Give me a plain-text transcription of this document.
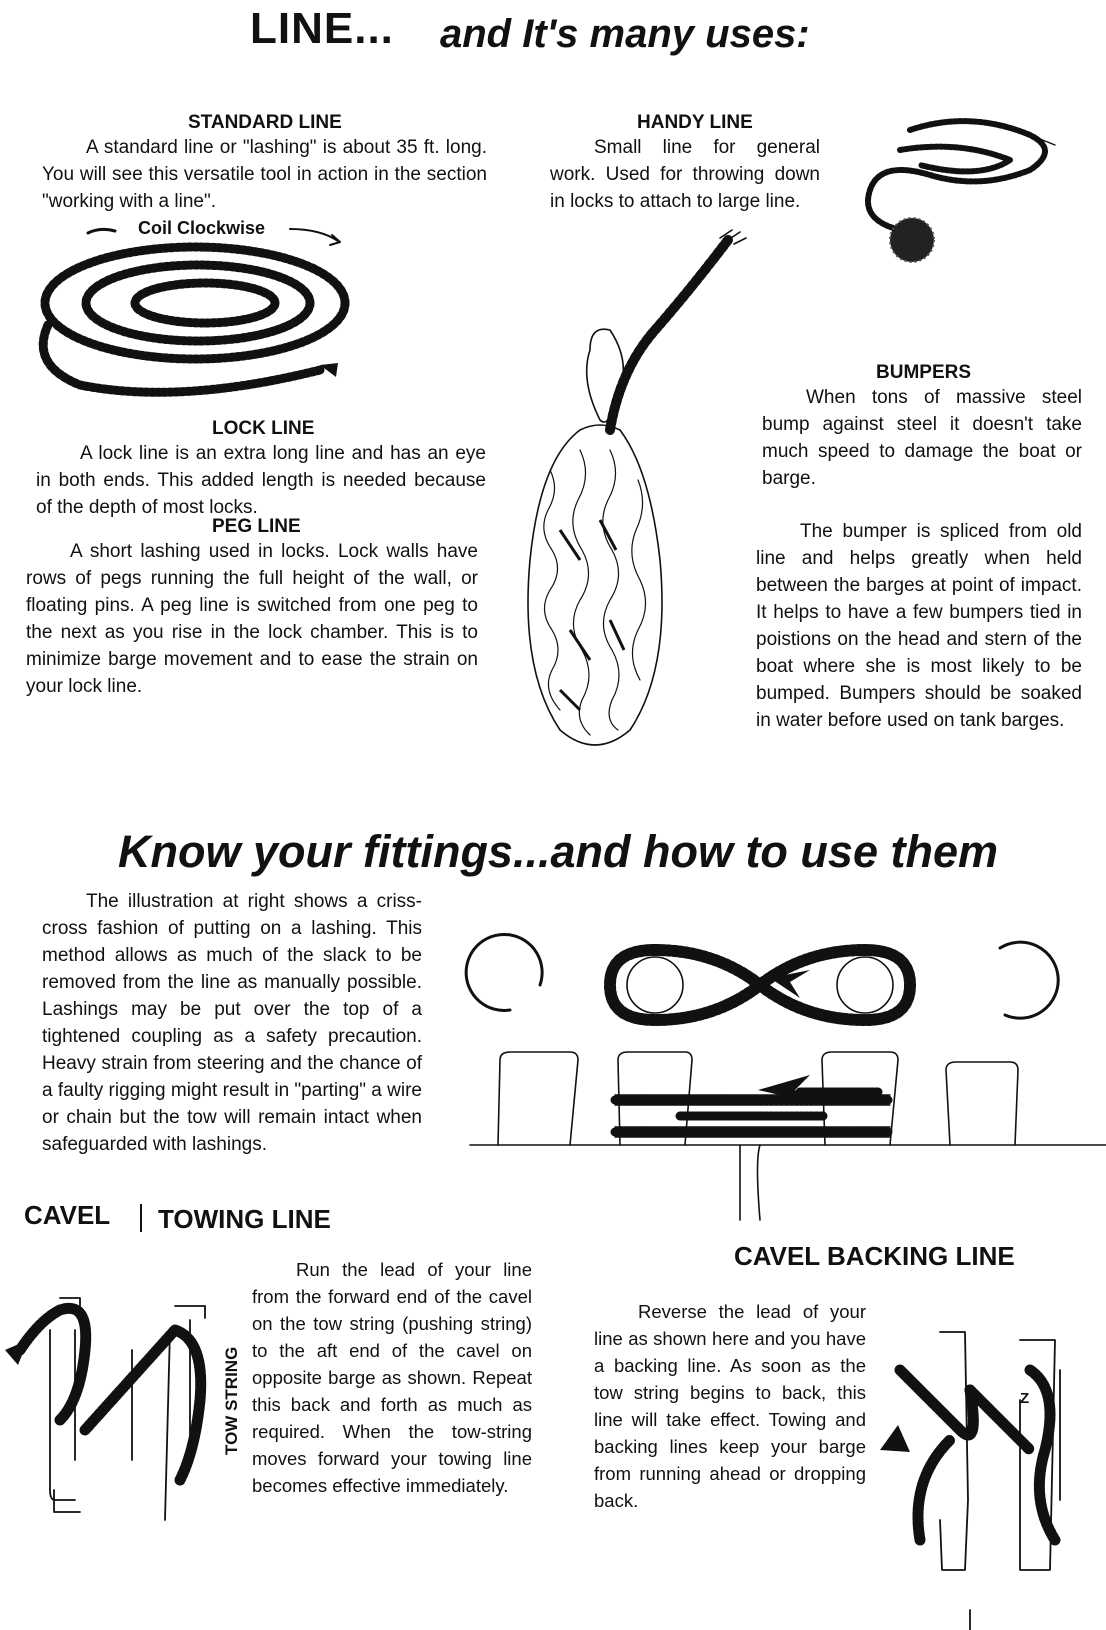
LINE... and It's many uses:
STANDARD LINE
A standard line or "lashing" is about 35 ft. long. You will see this versatile tool in action in the section "working with a line".
Coil Clockwise
HANDY LINE
Small line for general work. Used for throwing down in locks to attach to large line.
LOCK LINE
A lock line is an extra long line and has an eye in both ends. This added length is needed because of the depth of most locks.
PEG LINE
A short lashing used in locks. Lock walls have rows of pegs running the full height of the wall, or floating pins. A peg line is switched from one peg to the next as you rise in the lock chamber. This is to minimize barge movement and to ease the strain on your lock line.
BUMPERS
When tons of massive steel bump against steel it doesn't take much speed to damage the boat or barge.
The bumper is spliced from old line and helps greatly when held between the barges at point of impact. It helps to have a few bumpers tied in poistions on the head and stern of the boat where she is most likely to be bumped. Bumpers should be soaked in water before used on tank barges.
Know your fittings...and how to use them
The illustration at right shows a criss-cross fashion of putting on a lashing. This method allows as much of the slack to be removed from the line as manually possible. Lashings may be put over the top of a tightened coupling as a safety precaution. Heavy strain from steering and the chance of a faulty rigging might result in "parting" a wire or chain but the tow will remain intact when safeguarded with lashings.
CAVEL TOWING LINE
Run the lead of your line from the forward end of the cavel on the tow string (pushing string) to the aft end of the cavel on opposite barge as shown. Repeat this back and forth as much as required. When the tow-string moves forward your towing line becomes effective immediately.
TOW STRING
CAVEL BACKING LINE
Reverse the lead of your line as shown here and you have a backing line. As soon as the tow string begins to back, this line will take effect. Towing and backing lines keep your barge from running ahead or dropping back.
Z
